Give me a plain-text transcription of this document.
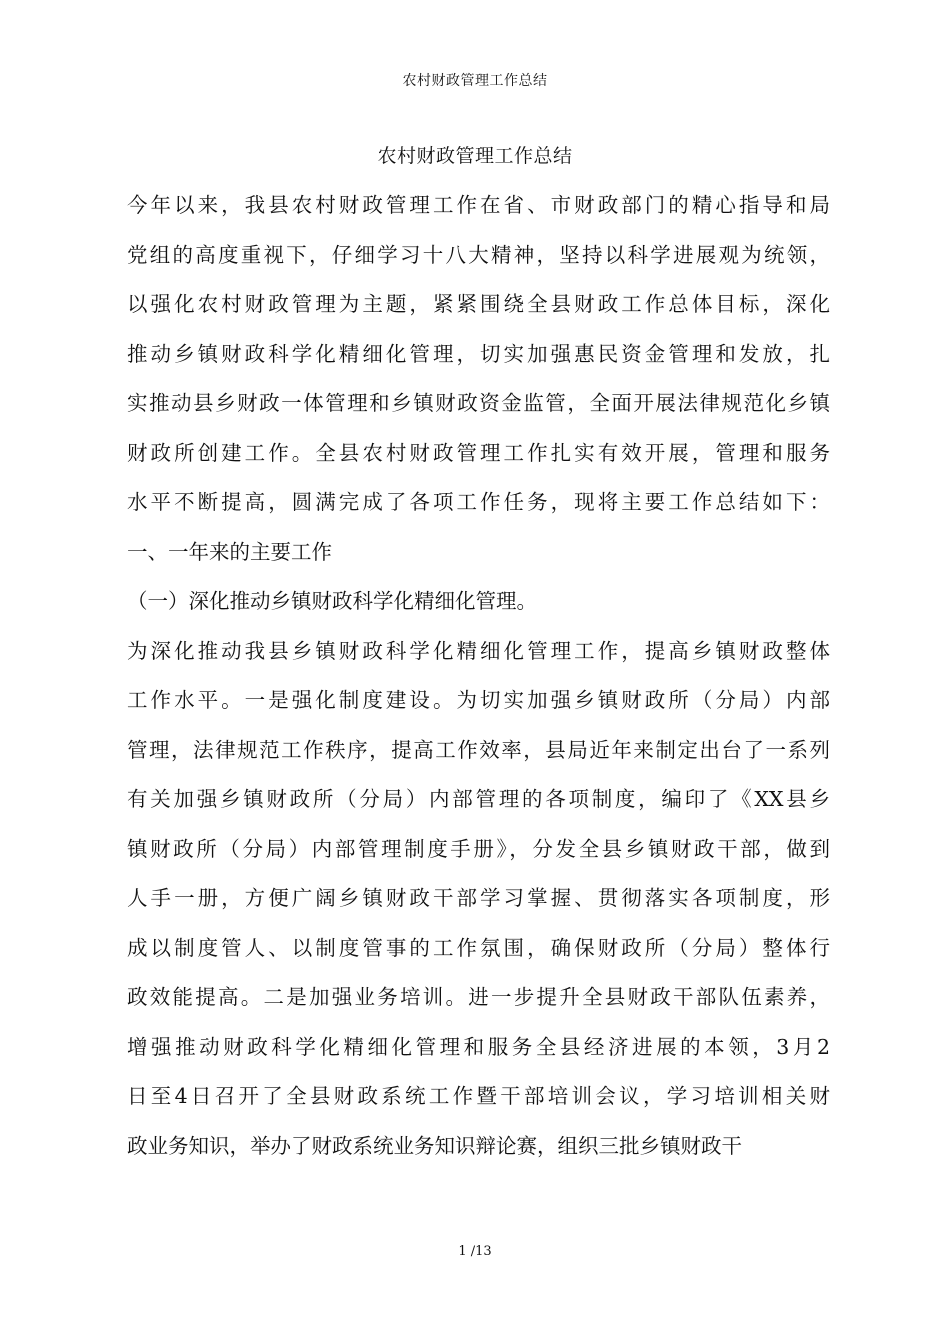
农村财政管理工作总结
农村财政管理工作总结
今年以来，我县农村财政管理工作在省、市财政部门的精心指导和局
党组的高度重视下，仔细学习十八大精神，坚持以科学进展观为统领，
以强化农村财政管理为主题，紧紧围绕全县财政工作总体目标，深化
推动乡镇财政科学化精细化管理，切实加强惠民资金管理和发放，扎
实推动县乡财政一体管理和乡镇财政资金监管，全面开展法律规范化乡镇
财政所创建工作。全县农村财政管理工作扎实有效开展，管理和服务
水平不断提高，圆满完成了各项工作任务，现将主要工作总结如下：
一、一年来的主要工作
（一）深化推动乡镇财政科学化精细化管理。
为深化推动我县乡镇财政科学化精细化管理工作，提高乡镇财政整体
工作水平。一是强化制度建设。为切实加强乡镇财政所（分局）内部
管理，法律规范工作秩序，提高工作效率，县局近年来制定出台了一系列
有关加强乡镇财政所（分局）内部管理的各项制度，编印了《XX县乡
镇财政所（分局）内部管理制度手册》，分发全县乡镇财政干部，做到
人手一册，方便广阔乡镇财政干部学习掌握、贯彻落实各项制度，形
成以制度管人、以制度管事的工作氛围，确保财政所（分局）整体行
政效能提高。二是加强业务培训。进一步提升全县财政干部队伍素养，
增强推动财政科学化精细化管理和服务全县经济进展的本领，3月2
日至4日召开了全县财政系统工作暨干部培训会议，学习培训相关财
政业务知识，举办了财政系统业务知识辩论赛，组织三批乡镇财政干
1 /13
